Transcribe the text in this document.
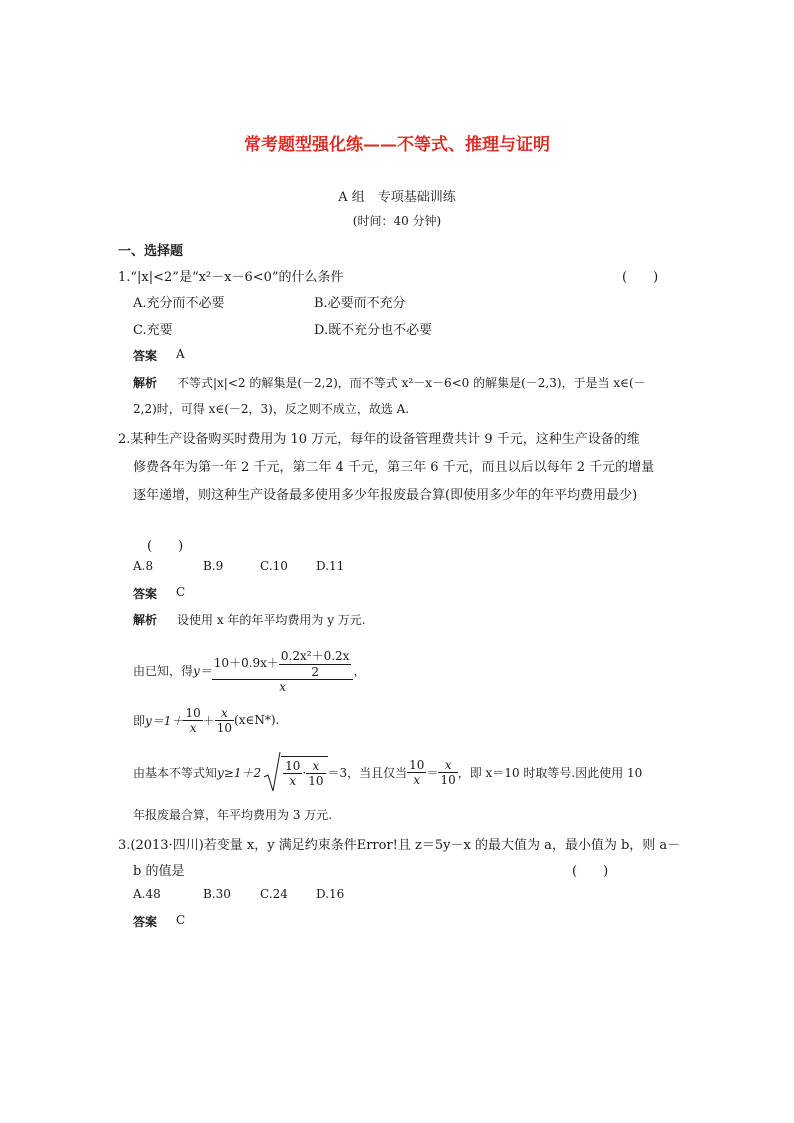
常考题型强化练——不等式、推理与证明
A 组　专项基础训练
(时间：40 分钟)
一、选择题
1.“|x|<2”是“x²－x－6<0”的什么条件	(　　)
A.充分而不必要	B.必要而不充分
C.充要	D.既不充分也不必要
答案 A
解析 不等式|x|<2 的解集是(－2,2)，而不等式 x²－x－6<0 的解集是(－2,3)，于是当 x∈(－
2,2)时，可得 x∈(－2，3)，反之则不成立，故选 A.
2.某种生产设备购买时费用为 10 万元，每年的设备管理费共计 9 千元，这种生产设备的维
修费各年为第一年 2 千元，第二年 4 千元，第三年 6 千元，而且以后以每年 2 千元的增量
逐年递增，则这种生产设备最多使用多少年报废最合算(即使用多少年的年平均费用最少)
(　　)
A.8	B.9	C.10 D.11
答案 C
解析 设使用 x 年的年平均费用为 y 万元.
由已知，得 $y= \frac{10+0.9x+ \frac{\text{0.2x²＋0.2x}}{2}}{x}$ ，
即 $y=1+ \frac{10}{x} + \frac{x}{10}$ (x∈N*).
由基本不等式知 $y\ge 1+2 \frac{10}{x} \cdot \frac{x}{10} =3$，当且仅当 $\frac{10}{x} = \frac{x}{10}$ ，即 x＝10 时取等号.因此使用 10
年报废最合算，年平均费用为 3 万元.
3.(2013·四川)若变量 x，y 满足约束条件Error!且 z＝5y－x 的最大值为 a，最小值为 b，则 a－
b 的值是	(　　)
A.48	B.30 C.24 D.16
答案 C
